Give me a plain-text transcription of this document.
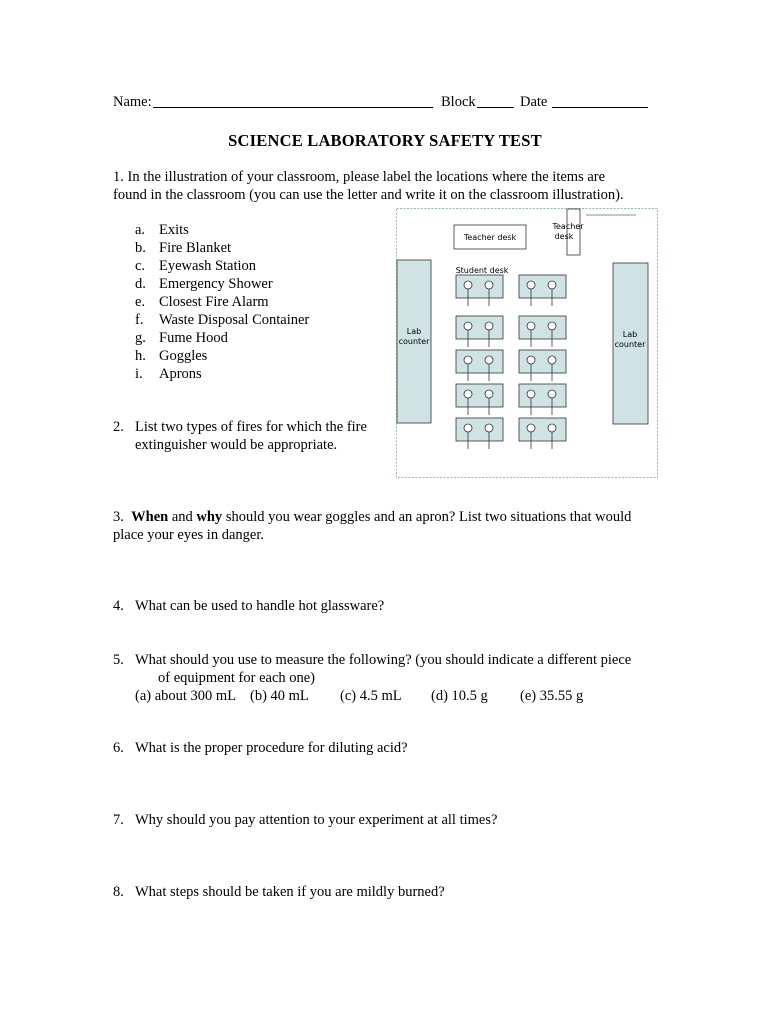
Name:	Block	Date
SCIENCE LABORATORY SAFETY TEST
1. In the illustration of your classroom, please label the locations where the items are
found in the classroom (you can use the letter and write it on the classroom illustration).
a. Exits
b. Fire Blanket
c. Eyewash Station
d. Emergency Shower
e. Closest Fire Alarm
f. Waste Disposal Container
g. Fume Hood
h. Goggles
i. Aprons
Teacher desk
Teacher
desk
Student desk
Lab
counter
Lab
counter
2. List two types of fires for which the fire
extinguisher would be appropriate.
3. When and why should you wear goggles and an apron? List two situations that would
place your eyes in danger.
4. What can be used to handle hot glassware?
5. What should you use to measure the following? (you should indicate a different piece
of equipment for each one)
(a) about 300 mL (b) 40 mL (c) 4.5 mL (d) 10.5 g (e) 35.55 g
6. What is the proper procedure for diluting acid?
7. Why should you pay attention to your experiment at all times?
8. What steps should be taken if you are mildly burned?
